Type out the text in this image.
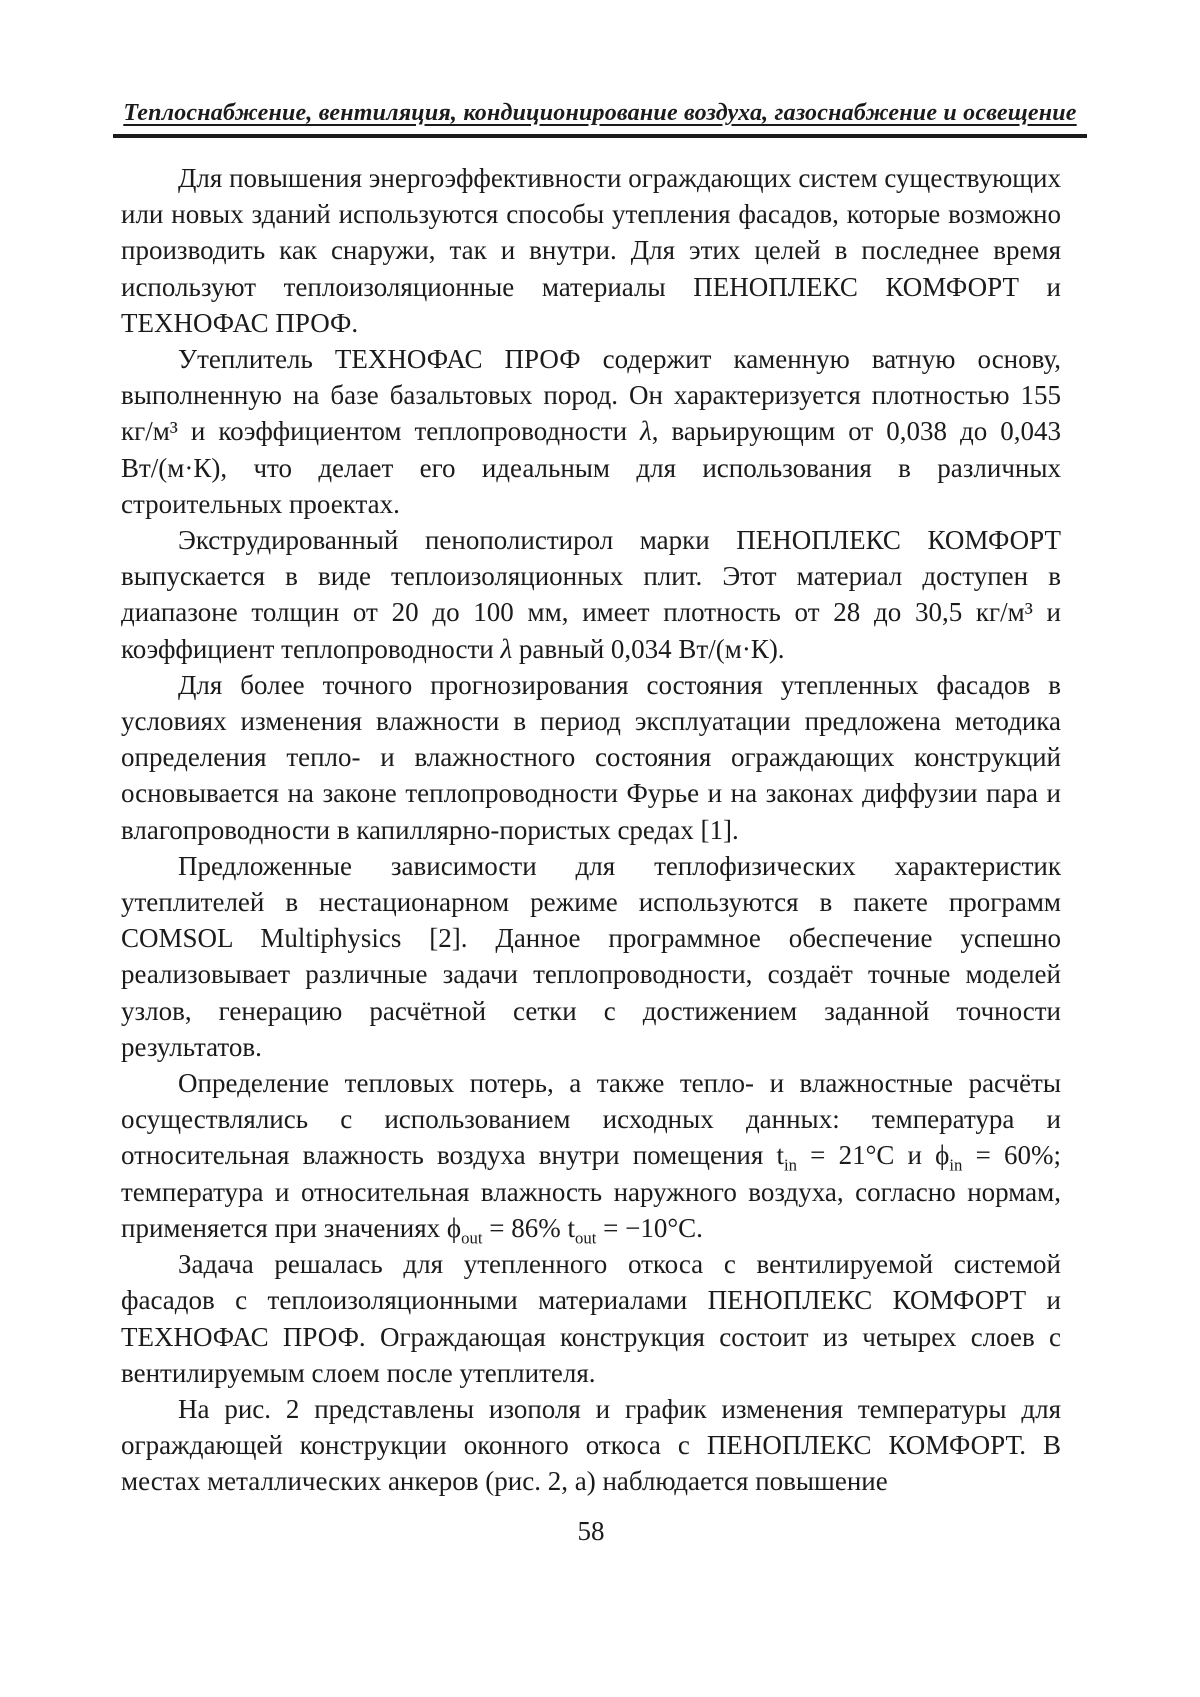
Теплоснабжение, вентиляция, кондиционирование воздуха, газоснабжение и освещение

Для повышения энергоэффективности ограждающих систем существующих или новых зданий используются способы утепления фасадов, которые возможно производить как снаружи, так и внутри. Для этих целей в последнее время используют теплоизоляционные материалы ПЕНОПЛЕКС КОМФОРТ и ТЕХНОФАС ПРОФ.

Утеплитель ТЕХНОФАС ПРОФ содержит каменную ватную основу, выполненную на базе базальтовых пород. Он характеризуется плотностью 155 кг/м³ и коэффициентом теплопроводности λ, варьирующим от 0,038 до 0,043 Вт/(м·К), что делает его идеальным для использования в различных строительных проектах.

Экструдированный пенополистирол марки ПЕНОПЛЕКС КОМФОРТ выпускается в виде теплоизоляционных плит. Этот материал доступен в диапазоне толщин от 20 до 100 мм, имеет плотность от 28 до 30,5 кг/м³ и коэффициент теплопроводности λ равный 0,034 Вт/(м·К).

Для более точного прогнозирования состояния утепленных фасадов в условиях изменения влажности в период эксплуатации предложена методика определения тепло- и влажностного состояния ограждающих конструкций основывается на законе теплопроводности Фурье и на законах диффузии пара и влагопроводности в капиллярно-пористых средах [1].

Предложенные зависимости для теплофизических характеристик утеплителей в нестационарном режиме используются в пакете программ COMSOL Multiphysics [2]. Данное программное обеспечение успешно реализовывает различные задачи теплопроводности, создаёт точные моделей узлов, генерацию расчётной сетки с достижением заданной точности результатов.

Определение тепловых потерь, а также тепло- и влажностные расчёты осуществлялись с использованием исходных данных: температура и относительная влажность воздуха внутри помещения $t_{in} = 21^\circ С$ и $\phi_{in} = 60\%$; температура и относительная влажность наружного воздуха, согласно нормам, применяется при значениях $\phi_{out} = 86\%$ $t_{out} = -10^\circ С$.

Задача решалась для утепленного откоса с вентилируемой системой фасадов с теплоизоляционными материалами ПЕНОПЛЕКС КОМФОРТ и ТЕХНОФАС ПРОФ. Ограждающая конструкция состоит из четырех слоев с вентилируемым слоем после утеплителя.

На рис. 2 представлены изополя и график изменения температуры для ограждающей конструкции оконного откоса с ПЕНОПЛЕКС КОМФОРТ. В местах металлических анкеров (рис. 2, а) наблюдается повышение

58
